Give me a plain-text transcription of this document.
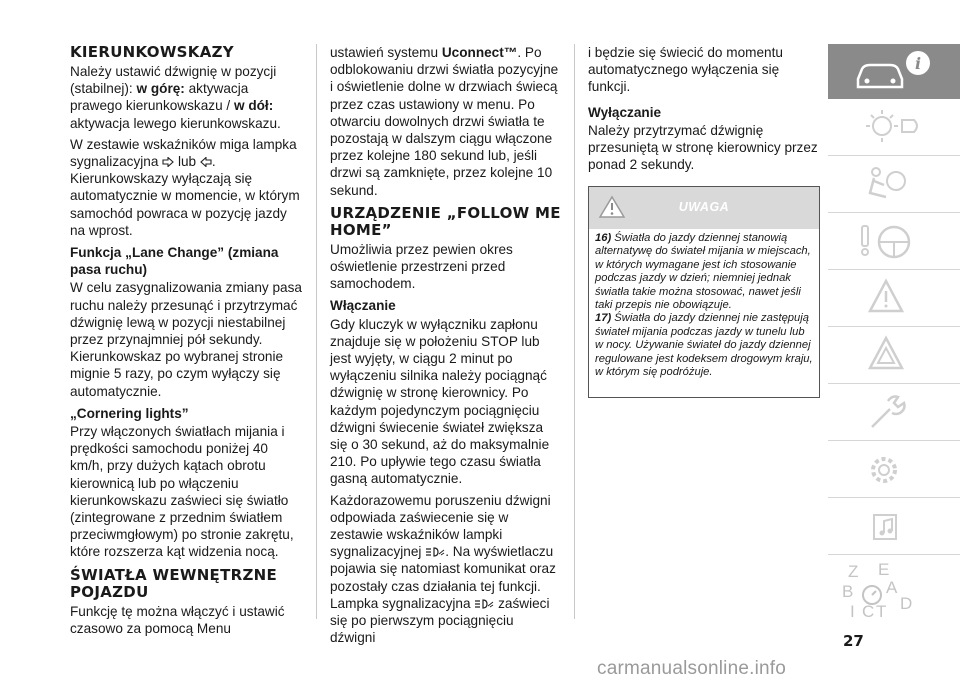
KIERUNKOWSKAZY

Należy ustawić dźwignię w pozycji (stabilnej): w górę: aktywacja prawego kierunkowskazu / w dół: aktywacja lewego kierunkowskazu.

W zestawie wskaźników miga lampka sygnalizacyjna  lub . Kierunkowskazy wyłączają się automatycznie w momencie, w którym samochód powraca w pozycję jazdy na wprost.

Funkcja „Lane Change” (zmiana pasa ruchu)

W celu zasygnalizowania zmiany pasa ruchu należy przesunąć i przytrzymać dźwignię lewą w pozycji niestabilnej przez przynajmniej pół sekundy. Kierunkowskaz po wybranej stronie mignie 5 razy, po czym wyłączy się automatycznie.

„Cornering lights”

Przy włączonych światłach mijania i prędkości samochodu poniżej 40 km/h, przy dużych kątach obrotu kierownicą lub po włączeniu kierunkowskazu zaświeci się światło (zintegrowane z przednim światłem przeciwmgłowym) po stronie zakrętu, które rozszerza kąt widzenia nocą.

ŚWIATŁA WEWNĘTRZNE POJAZDU

Funkcję tę można włączyć i ustawić czasowo za pomocą Menu

ustawień systemu Uconnect™. Po odblokowaniu drzwi światła pozycyjne i oświetlenie dolne w drzwiach świecą przez czas ustawiony w menu. Po otwarciu dowolnych drzwi światła te pozostają w dalszym ciągu włączone przez kolejne 180 sekund lub, jeśli drzwi są zamknięte, przez kolejne 10 sekund.

URZĄDZENIE „FOLLOW ME HOME”

Umożliwia przez pewien okres oświetlenie przestrzeni przed samochodem.

Włączanie

Gdy kluczyk w wyłączniku zapłonu znajduje się w położeniu STOP lub jest wyjęty, w ciągu 2 minut po wyłączeniu silnika należy pociągnąć dźwignię w stronę kierownicy. Po każdym pojedynczym pociągnięciu dźwigni świecenie świateł zwiększa się o 30 sekund, aż do maksymalnie 210. Po upływie tego czasu światła gasną automatycznie.

Każdorazowemu poruszeniu dźwigni odpowiada zaświecenie się w zestawie wskaźników lampki sygnalizacyjnej . Na wyświetlaczu pojawia się natomiast komunikat oraz pozostały czas działania tej funkcji. Lampka sygnalizacyjna  zaświeci się po pierwszym pociągnięciu dźwigni

i będzie się świecić do momentu automatycznego wyłączenia się funkcji.

Wyłączanie

Należy przytrzymać dźwignię przesuniętą w stronę kierownicy przez ponad 2 sekundy.

UWAGA

16) Światła do jazdy dziennej stanowią alternatywę do świateł mijania w miejscach, w których wymagane jest ich stosowanie podczas jazdy w dzień; niemniej jednak światła takie można stosować, nawet jeśli taki przepis nie obowiązuje.

17) Światła do jazdy dziennej nie zastępują świateł mijania podczas jazdy w tunelu lub w nocy. Używanie świateł do jazdy dziennej regulowane jest kodeksem drogowym kraju, w którym się podróżuje.

i
Z E
B A
I C T D
27
carmanualsonline.info
